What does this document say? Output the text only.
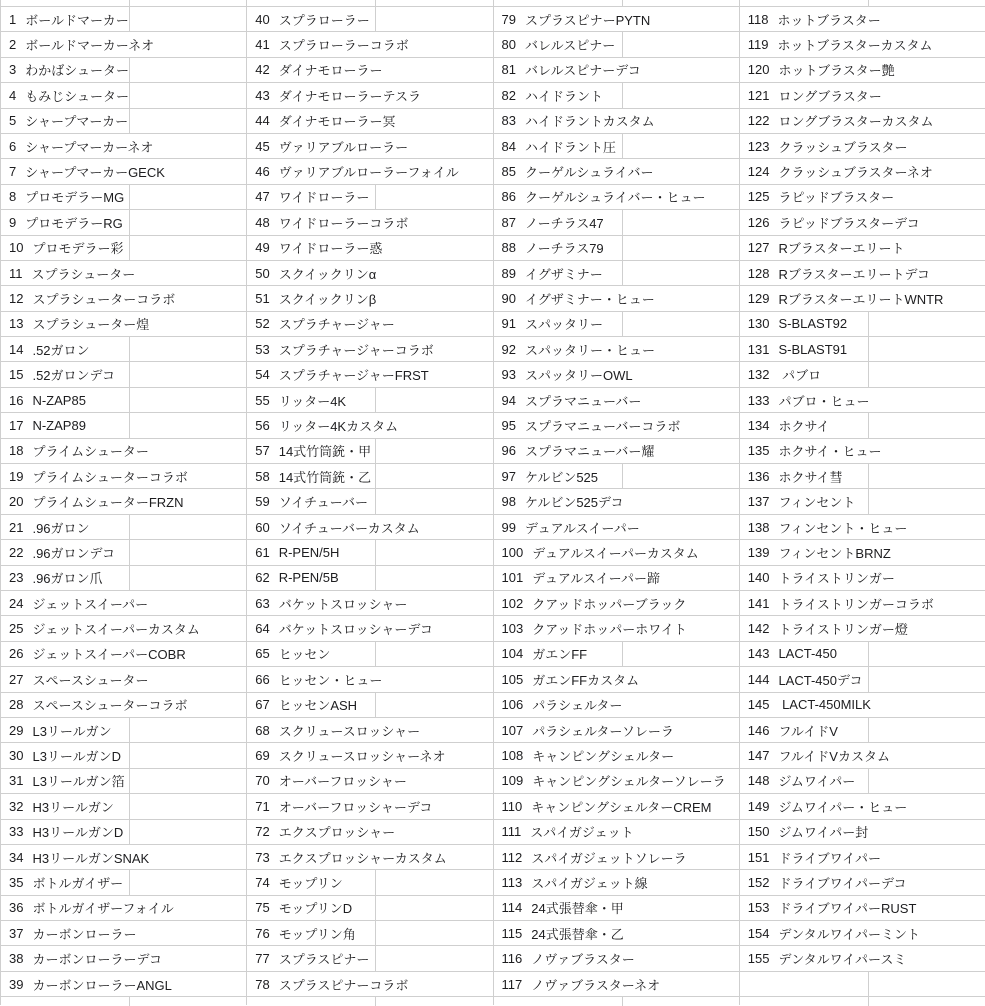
1 ボールドマーカー
2 ボールドマーカーネオ
3 わかばシューター
4 もみじシューター
5 シャープマーカー
6 シャープマーカーネオ
7 シャープマーカーGECK
8 プロモデラーMG
9 プロモデラーRG
10 プロモデラー彩
11 スプラシューター
12 スプラシューターコラボ
13 スプラシューター煌
14 .52ガロン
15 .52ガロンデコ
16 N-ZAP85
17 N-ZAP89
18 プライムシューター
19 プライムシューターコラボ
20 プライムシューターFRZN
21 .96ガロン
22 .96ガロンデコ
23 .96ガロン爪
24 ジェットスイーパー
25 ジェットスイーパーカスタム
26 ジェットスイーパーCOBR
27 スペースシューター
28 スペースシューターコラボ
29 L3リールガン
30 L3リールガンD
31 L3リールガン箔
32 H3リールガン
33 H3リールガンD
34 H3リールガンSNAK
35 ボトルガイザー
36 ボトルガイザーフォイル
37 カーボンローラー
38 カーボンローラーデコ
39 カーボンローラーANGL
40 スプラローラー
41 スプラローラーコラボ
42 ダイナモローラー
43 ダイナモローラーテスラ
44 ダイナモローラー冥
45 ヴァリアブルローラー
46 ヴァリアブルローラーフォイル
47 ワイドローラー
48 ワイドローラーコラボ
49 ワイドローラー惑
50 スクイックリンα
51 スクイックリンβ
52 スプラチャージャー
53 スプラチャージャーコラボ
54 スプラチャージャーFRST
55 リッター4K
56 リッター4Kカスタム
57 14式竹筒銃・甲
58 14式竹筒銃・乙
59 ソイチューバー
60 ソイチューバーカスタム
61 R-PEN/5H
62 R-PEN/5B
63 バケットスロッシャー
64 バケットスロッシャーデコ
65 ヒッセン
66 ヒッセン・ヒュー
67 ヒッセンASH
68 スクリュースロッシャー
69 スクリュースロッシャーネオ
70 オーバーフロッシャー
71 オーバーフロッシャーデコ
72 エクスプロッシャー
73 エクスプロッシャーカスタム
74 モップリン
75 モップリンD
76 モップリン角
77 スプラスピナー
78 スプラスピナーコラボ
79 スプラスピナーPYTN
80 バレルスピナー
81 バレルスピナーデコ
82 ハイドラント
83 ハイドラントカスタム
84 ハイドラント圧
85 クーゲルシュライバー
86 クーゲルシュライバー・ヒュー
87 ノーチラス47
88 ノーチラス79
89 イグザミナー
90 イグザミナー・ヒュー
91 スパッタリー
92 スパッタリー・ヒュー
93 スパッタリーOWL
94 スプラマニューバー
95 スプラマニューバーコラボ
96 スプラマニューバー耀
97 ケルビン525
98 ケルビン525デコ
99 デュアルスイーパー
100 デュアルスイーパーカスタム
101 デュアルスイーパー蹄
102 クアッドホッパーブラック
103 クアッドホッパーホワイト
104 ガエンFF
105 ガエンFFカスタム
106 パラシェルター
107 パラシェルターソレーラ
108 キャンピングシェルター
109 キャンピングシェルターソレーラ
110 キャンピングシェルターCREM
111 スパイガジェット
112 スパイガジェットソレーラ
113 スパイガジェット線
114 24式張替傘・甲
115 24式張替傘・乙
116 ノヴァブラスター
117 ノヴァブラスターネオ
118 ホットブラスター
119 ホットブラスターカスタム
120 ホットブラスター艶
121 ロングブラスター
122 ロングブラスターカスタム
123 クラッシュブラスター
124 クラッシュブラスターネオ
125 ラピッドブラスター
126 ラピッドブラスターデコ
127 Rブラスターエリート
128 Rブラスターエリートデコ
129 RブラスターエリートWNTR
130 S-BLAST92
131 S-BLAST91
132 パブロ
133 パブロ・ヒュー
134 ホクサイ
135 ホクサイ・ヒュー
136 ホクサイ彗
137 フィンセント
138 フィンセント・ヒュー
139 フィンセントBRNZ
140 トライストリンガー
141 トライストリンガーコラボ
142 トライストリンガー燈
143 LACT-450
144 LACT-450デコ
145 LACT-450MILK
146 フルイドV
147 フルイドVカスタム
148 ジムワイパー
149 ジムワイパー・ヒュー
150 ジムワイパー封
151 ドライブワイパー
152 ドライブワイパーデコ
153 ドライブワイパーRUST
154 デンタルワイパーミント
155 デンタルワイパースミ
